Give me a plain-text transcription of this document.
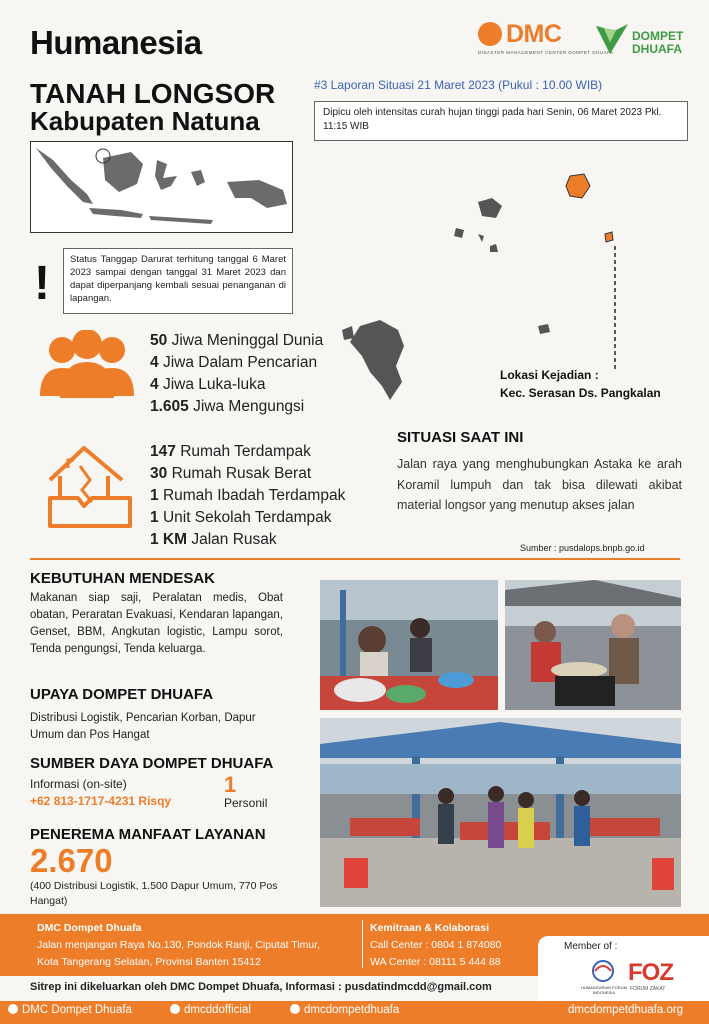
Humanesia	DMC
DISASTER MANAGEMENT CENTER DOMPET DHUAFA
DOMPET
DHUAFA
TANAH LONGSOR
Kabupaten Natuna
#3 Laporan Situasi 21 Maret 2023 (Pukul : 10.00 WIB)
Dipicu oleh intensitas curah hujan tinggi pada hari Senin, 06 Maret 2023 Pkl. 11:15 WIB
!	Status Tanggap Darurat terhitung tanggal 6 Maret 2023 sampai dengan tanggal 31 Maret 2023 dan dapat diperpanjang kembali sesuai penanganan di lapangan.
50 Jiwa Meninggal Dunia
4 Jiwa Dalam Pencarian
4 Jiwa Luka-luka
1.605 Jiwa Mengungsi
Lokasi Kejadian :
Kec. Serasan Ds. Pangkalan
147 Rumah Terdampak
30 Rumah Rusak Berat
1 Rumah Ibadah Terdampak
1 Unit Sekolah Terdampak
1 KM Jalan Rusak
SITUASI SAAT INI
Jalan raya yang menghubungkan Astaka ke arah Koramil lumpuh dan tak bisa dilewati akibat material longsor yang menutup akses jalan
Sumber : pusdalops.bnpb.go.id
KEBUTUHAN MENDESAK
Makanan siap saji, Peralatan medis, Obat obatan, Peraratan Evakuasi, Kendaran lapangan, Genset, BBM, Angkutan logistic, Lampu sorot, Tenda pengungsi, Tenda keluarga.
UPAYA DOMPET DHUAFA
Distribusi Logistik, Pencarian Korban, Dapur Umum dan Pos Hangat
SUMBER DAYA DOMPET DHUAFA
Informasi (on-site)
+62 813-1717-4231 Risqy
1
Personil
PENEREMA MANFAAT LAYANAN
2.670
(400 Distribusi Logistik, 1.500 Dapur Umum, 770 Pos Hangat)
DMC Dompet Dhuafa
Jalan menjangan Raya No.130, Pondok Ranji, Ciputat Timur,
Kota Tangerang Selatan, Provinsi Banten 15412
Kemitraan & Kolaborasi
Call Center : 0804 1 874080
WA Center : 08111 5 444 88
Member of :
HUMANITARIAN FORUM INDONESIA
FOZ
FORUM ZAKAT
Sitrep ini dikeluarkan oleh DMC Dompet Dhuafa, Informasi : pusdatindmcdd@gmail.com
DMC Dompet Dhuafa	dmcddofficial	dmcdompetdhuafa	dmcdompetdhuafa.org
